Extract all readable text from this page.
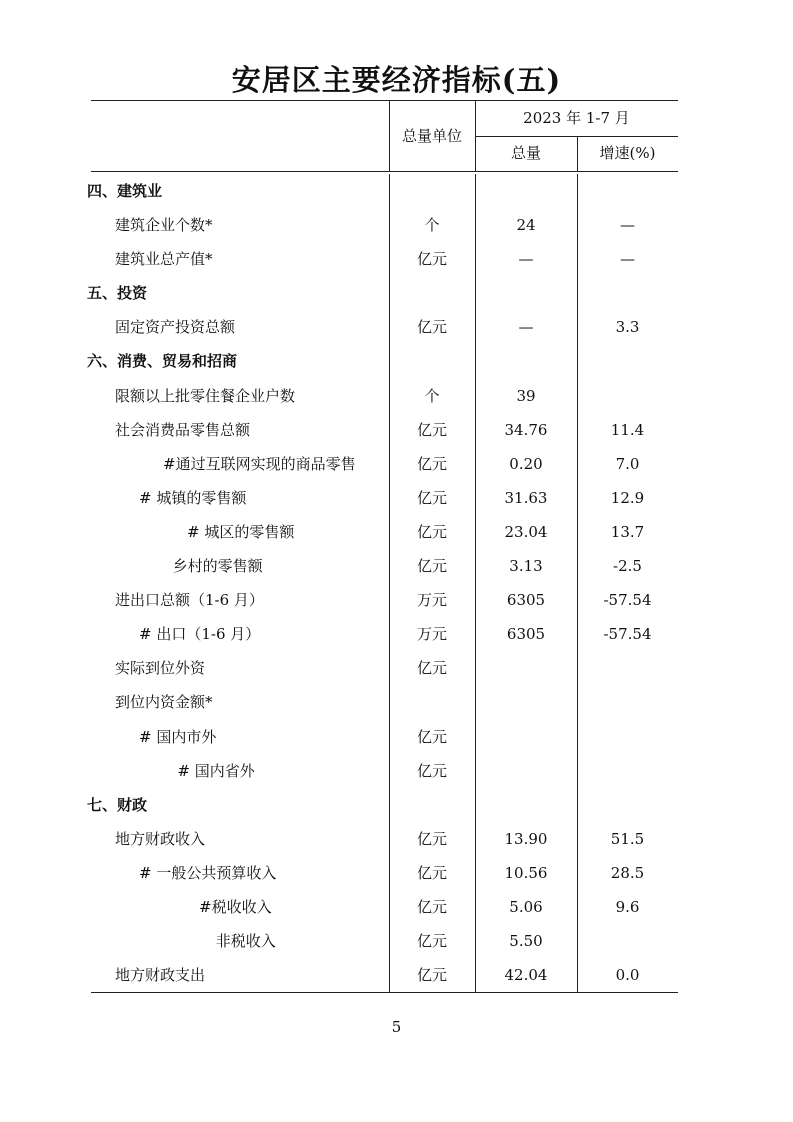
安居区主要经济指标(五)
总量单位
2023 年 1-7 月
总量	增速(%)
四、建筑业
建筑企业个数*	个	24	—
建筑业总产值*	亿元	—	—
五、投资
固定资产投资总额	亿元	—	3.3
六、消费、贸易和招商
限额以上批零住餐企业户数	个	39
社会消费品零售总额	亿元	34.76	11.4
#通过互联网实现的商品零售	亿元	0.20	7.0
# 城镇的零售额	亿元	31.63	12.9
# 城区的零售额	亿元	23.04	13.7
乡村的零售额	亿元	3.13	-2.5
进出口总额（1-6 月）	万元	6305	-57.54
# 出口（1-6 月）	万元	6305	-57.54
实际到位外资	亿元
到位内资金额*
# 国内市外	亿元
# 国内省外	亿元
七、财政
地方财政收入	亿元	13.90	51.5
# 一般公共预算收入	亿元	10.56	28.5
#税收收入	亿元	5.06	9.6
非税收入	亿元	5.50
地方财政支出	亿元	42.04	0.0
5
